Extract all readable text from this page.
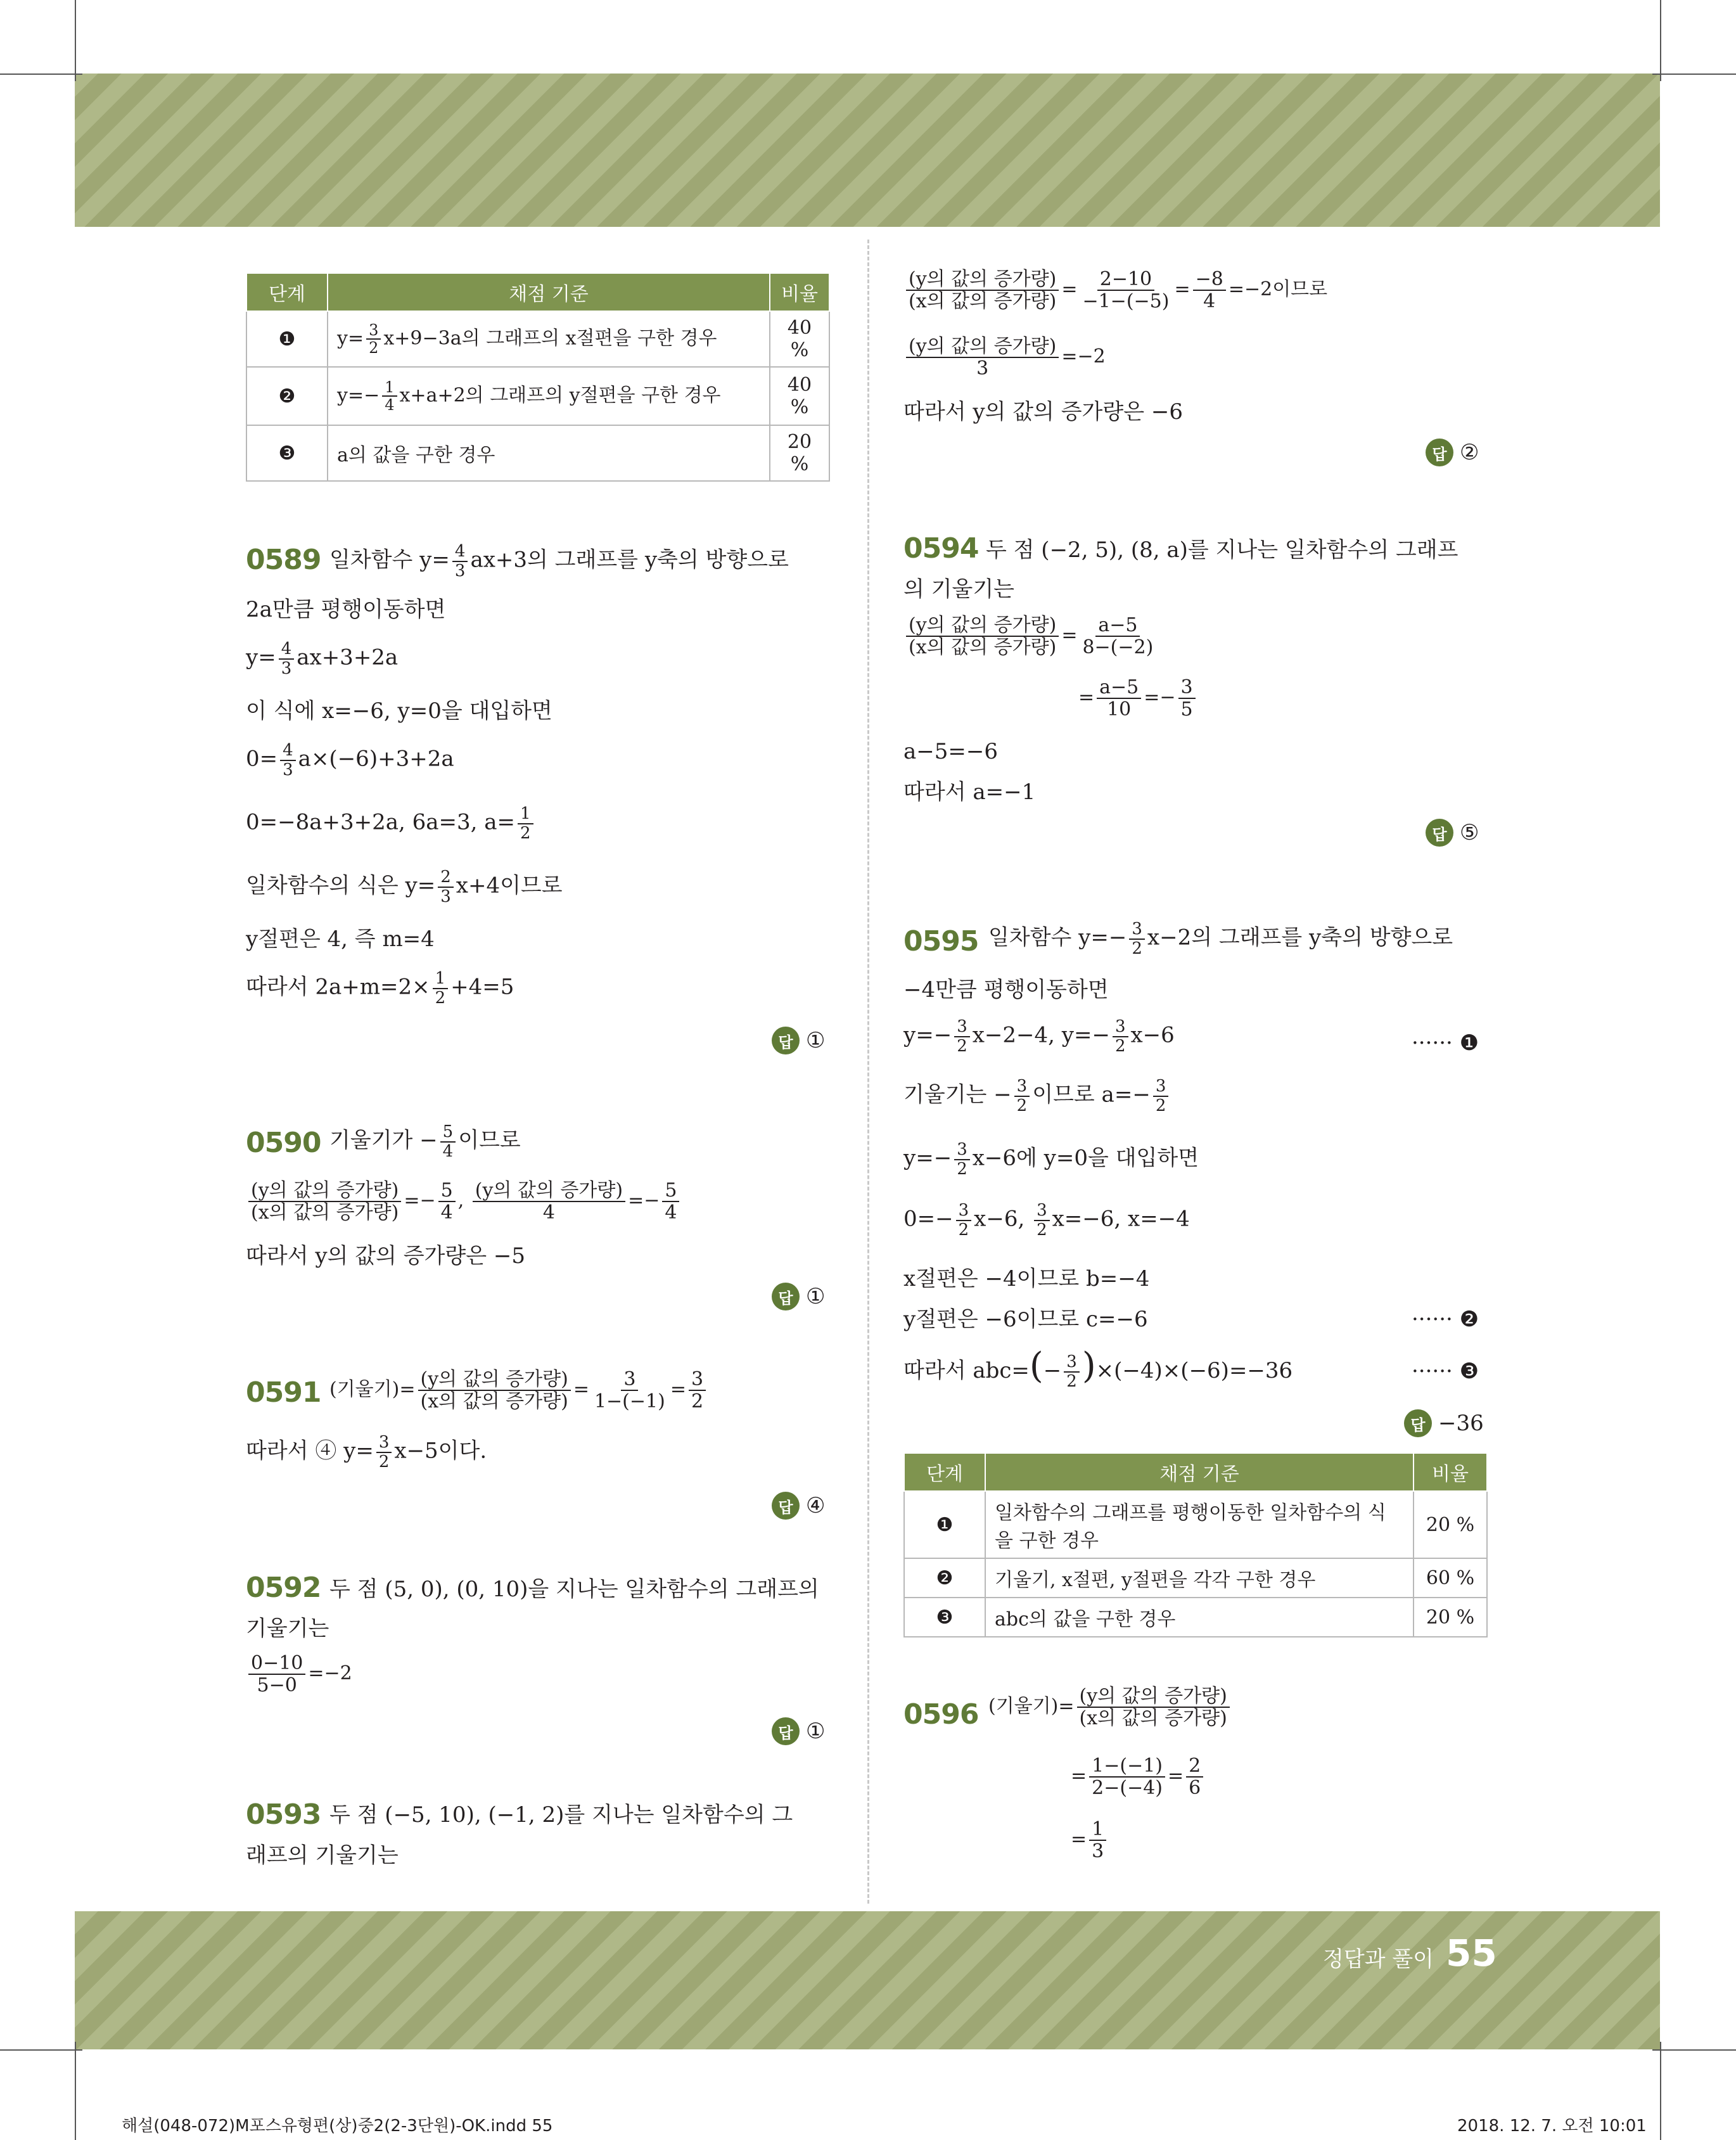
단계	채점 기준	비율
❶	$y= \frac{3}{2} x+9-3a$의 그래프의 x절편을 구한 경우	40 %
❷	$y=- \frac{1}{4} x+a+2$의 그래프의 y절편을 구한 경우	40 %
❸	a의 값을 구한 경우	20 %
0589 일차함수 $y= \frac{4}{3} ax+3$의 그래프를 y축의 방향으로
2a만큼 평행이동하면
$y= \frac{4}{3} ax+3+2a$
이 식에 x=−6, y=0을 대입하면
$0= \frac{4}{3} a\times(-6)+3+2a$
0=−8a+3+2a, 6a=3, $a= \frac{1}{2}$
일차함수의 식은 $y= \frac{2}{3} x+4$이므로
y절편은 4, 즉 m=4
따라서 $2a+m=2\times \frac{1}{2} +4=5$
답 ①
0590 기울기가 − $\frac{5}{4}$ 이므로
$\frac{\text{(y의 값의 증가량)}}{\text{(x의 값의 증가량)}} =- \frac{5}{4}$ , $\frac{\text{(y의 값의 증가량)}}{4} =- \frac{5}{4}$
따라서 y의 값의 증가량은 −5
답 ①
0591 (기울기)= $\frac{\text{(y의 값의 증가량)}}{\text{(x의 값의 증가량)}} = \frac{3}{1-(-1)} = \frac{3}{2}$
따라서 ④ $y= \frac{3}{2} x-5$이다.
답 ④
0592 두 점 (5, 0), (0, 10)을 지나는 일차함수의 그래프의
기울기는
$\frac{0-10}{5-0} =-2$
답 ①
0593 두 점 (−5, 10), (−1, 2)를 지나는 일차함수의 그
래프의 기울기는
$\frac{\text{(y의 값의 증가량)}}{\text{(x의 값의 증가량)}} = \frac{2-10}{-1-(-5)} = \frac{-8}{4} =-2$이므로
$\frac{\text{(y의 값의 증가량)}}{3} =-2$
따라서 y의 값의 증가량은 −6
답 ②
0594 두 점 (−2, 5), (8, a)를 지나는 일차함수의 그래프
의 기울기는
$\frac{\text{(y의 값의 증가량)}}{\text{(x의 값의 증가량)}} = \frac{a-5}{8-(-2)}$
= $\frac{a-5}{10} =- \frac{3}{5}$
a−5=−6
따라서 a=−1
답 ⑤
0595 일차함수 $y=- \frac{3}{2} x-2$의 그래프를 y축의 방향으로
−4만큼 평행이동하면
$y=- \frac{3}{2} x-2-4$, $y=- \frac{3}{2} x-6$	······ ❶
기울기는 − $\frac{3}{2}$ 이므로 $a=- \frac{3}{2}$
$y=- \frac{3}{2} x-6$에 y=0을 대입하면
$0=- \frac{3}{2} x-6$, $\frac{3}{2} x=-6$, x=−4
x절편은 −4이므로 b=−4
y절편은 −6이므로 c=−6	······ ❷
따라서 $abc=(- \frac{3}{2} )\times(-4)\times(-6)=-36$	······ ❸
답 −36
단계	채점 기준	비율
❶	일차함수의 그래프를 평행이동한 일차함수의 식을 구한 경우	20 %
❷	기울기, x절편, y절편을 각각 구한 경우	60 %
❸	abc의 값을 구한 경우	20 %
0596 (기울기)= $\frac{\text{(y의 값의 증가량)}}{\text{(x의 값의 증가량)}}$
= $\frac{1-(-1)}{2-(-4)} = \frac{2}{6}$
= $\frac{1}{3}$
정답과 풀이 55
해설(048-072)M포스유형편(상)중2(2-3단원)-OK.indd 55	2018. 12. 7. 오전 10:01
